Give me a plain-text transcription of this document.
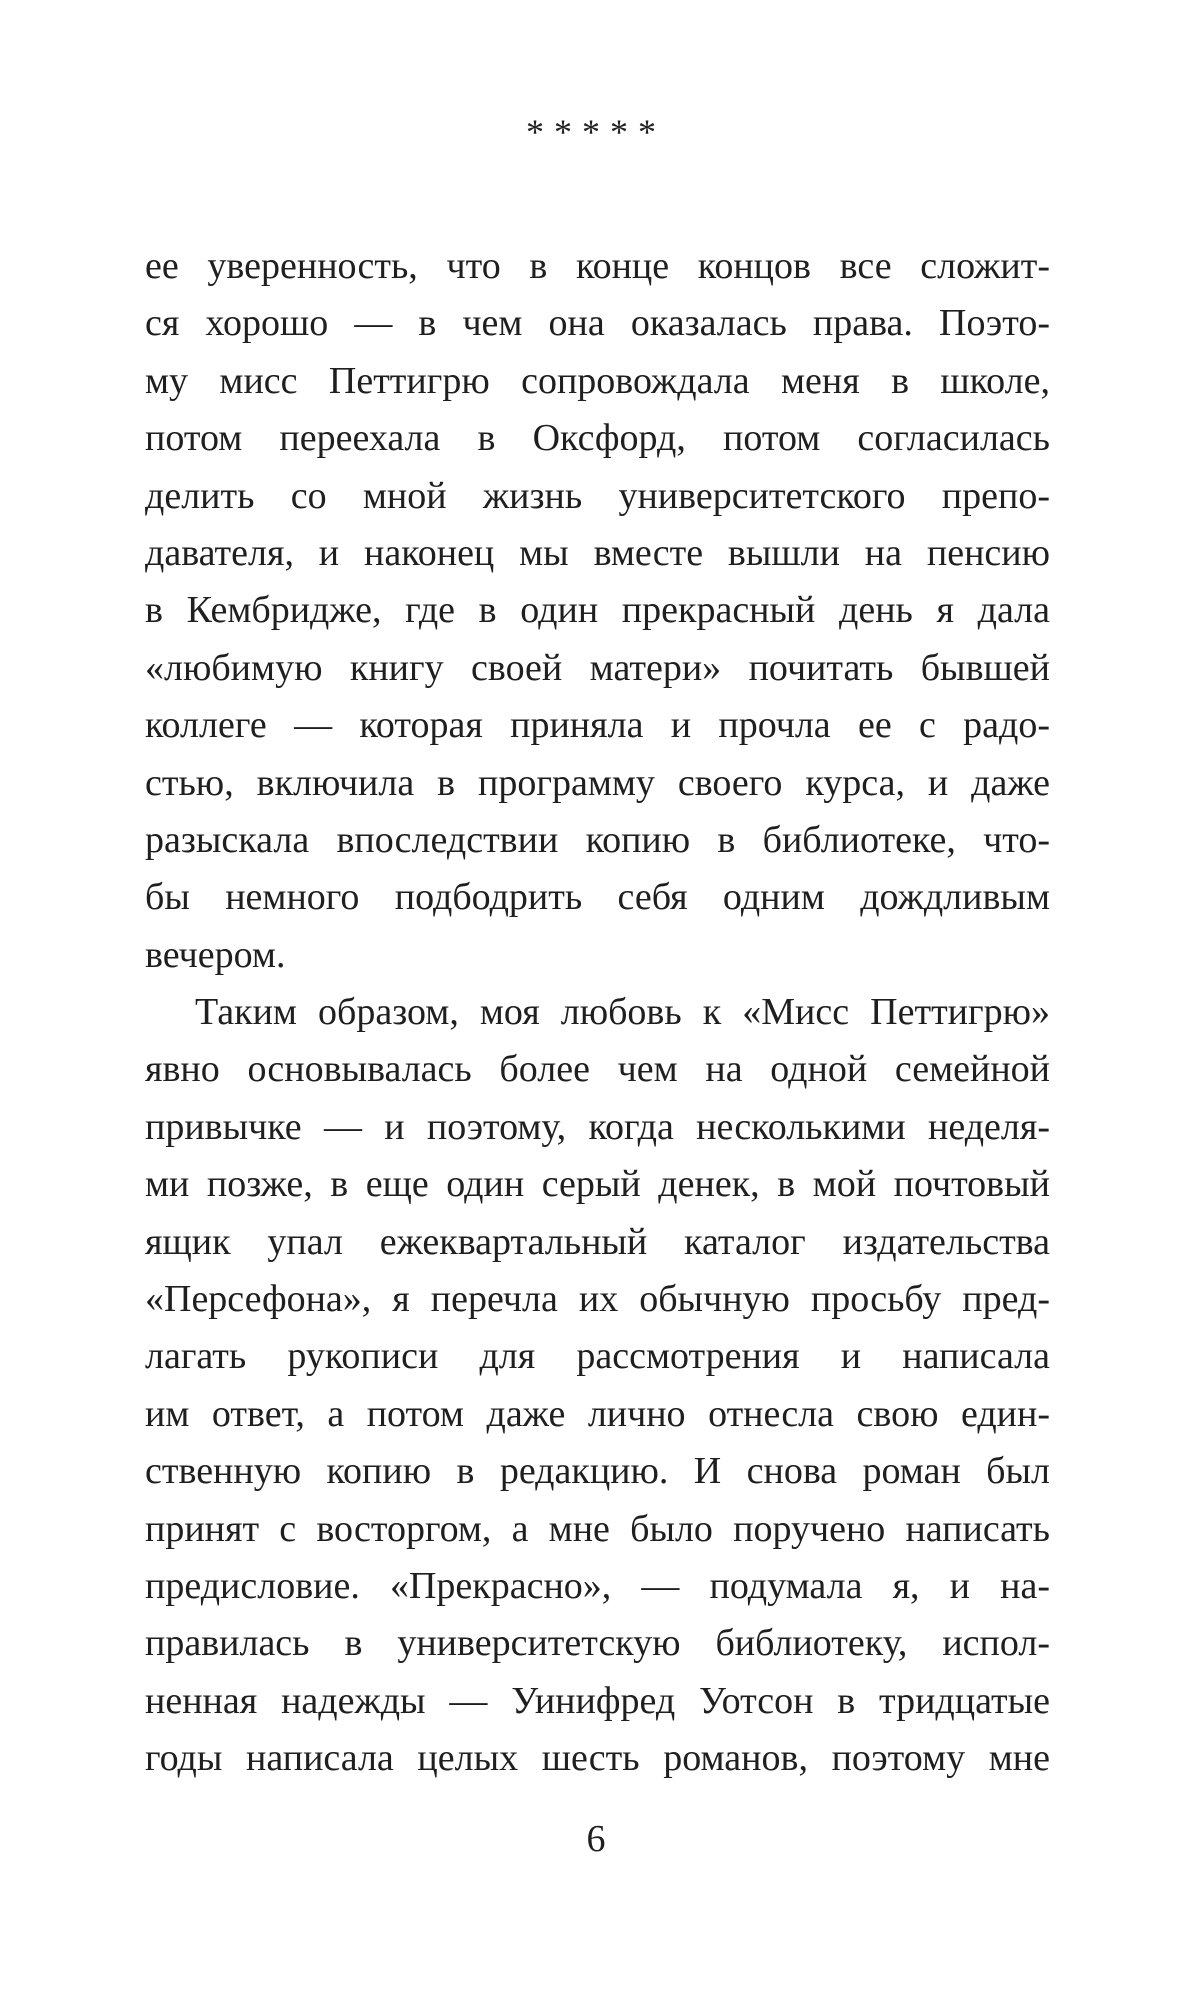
*****
ее уверенность, что в конце концов все сложит-
ся хорошо — в чем она оказалась права. Поэто-
му мисс Петтигрю сопровождала меня в школе,
потом переехала в Оксфорд, потом согласилась
делить со мной жизнь университетского препо-
давателя, и наконец мы вместе вышли на пенсию
в Кембридже, где в один прекрасный день я дала
«любимую книгу своей матери» почитать бывшей
коллеге — которая приняла и прочла ее с радо-
стью, включила в программу своего курса, и даже
разыскала впоследствии копию в библиотеке, что-
бы немного подбодрить себя одним дождливым
вечером.
Таким образом, моя любовь к «Мисс Петтигрю»
явно основывалась более чем на одной семейной
привычке — и поэтому, когда несколькими неделя-
ми позже, в еще один серый денек, в мой почтовый
ящик упал ежеквартальный каталог издательства
«Персефона», я перечла их обычную просьбу пред-
лагать рукописи для рассмотрения и написала
им ответ, а потом даже лично отнесла свою един-
ственную копию в редакцию. И снова роман был
принят с восторгом, а мне было поручено написать
предисловие. «Прекрасно», — подумала я, и на-
правилась в университетскую библиотеку, испол-
ненная надежды — Уинифред Уотсон в тридцатые
годы написала целых шесть романов, поэтому мне
6
